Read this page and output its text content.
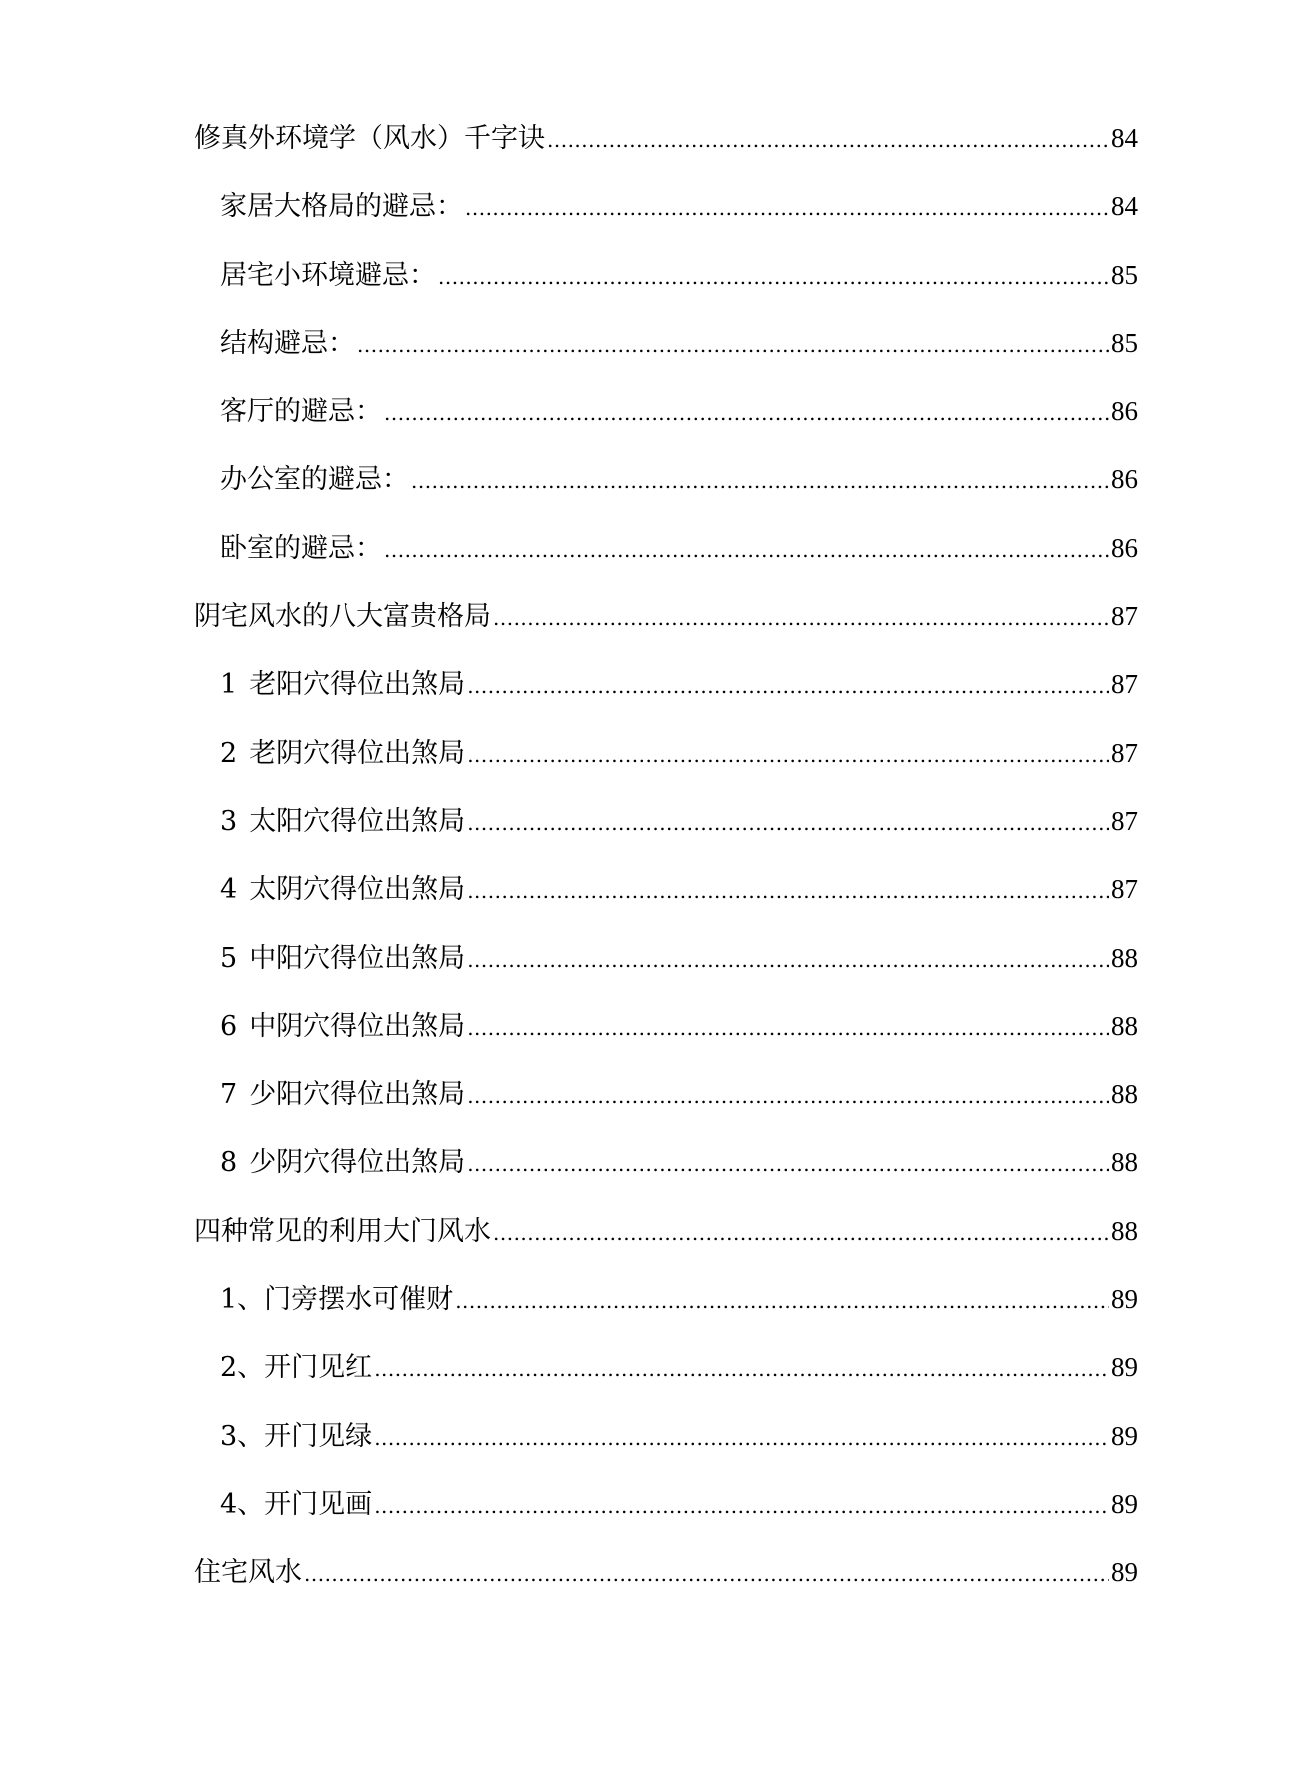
修真外环境学（风水）千字诀 .....	84
家居大格局的避忌： .....	84
居宅小环境避忌： .....	85
结构避忌： .....	85
客厅的避忌： .....	86
办公室的避忌： .....	86
卧室的避忌： .....	86
阴宅风水的八大富贵格局 .....	87
1 老阳穴得位出煞局 .....	87
2 老阴穴得位出煞局 .....	87
3 太阳穴得位出煞局 .....	87
4 太阴穴得位出煞局 .....	87
5 中阳穴得位出煞局 .....	88
6 中阴穴得位出煞局 .....	88
7 少阳穴得位出煞局 .....	88
8 少阴穴得位出煞局 .....	88
四种常见的利用大门风水 .....	88
1、门旁摆水可催财 .....	89
2、开门见红 .....	89
3、开门见绿 .....	89
4、开门见画 .....	89
住宅风水 .....	89
